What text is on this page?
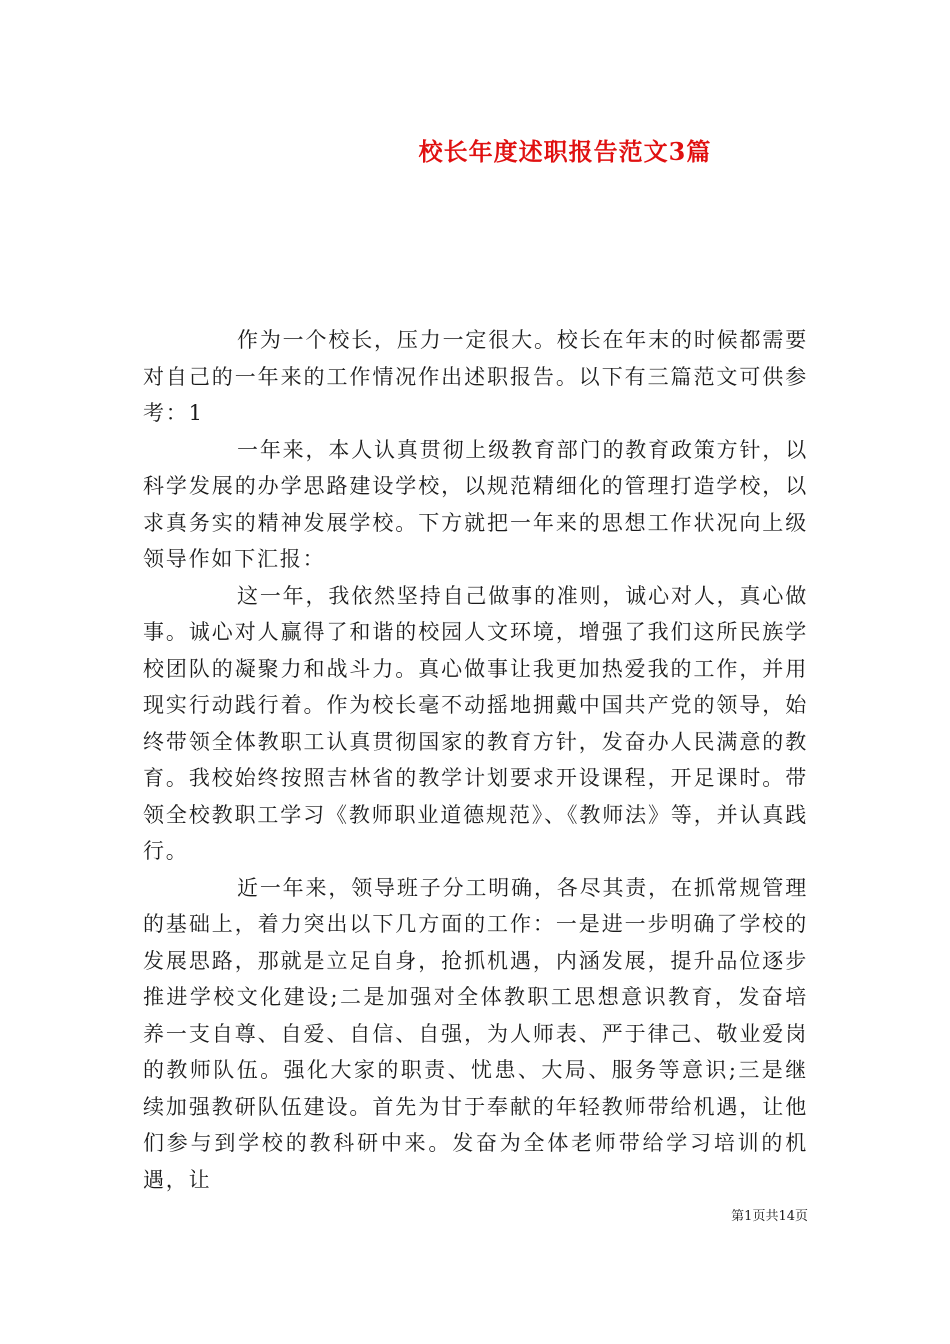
校长年度述职报告范文3篇

作为一个校长，压力一定很大。校长在年末的时候都需要对自己的一年来的工作情况作出述职报告。以下有三篇范文可供参考：1

一年来，本人认真贯彻上级教育部门的教育政策方针，以科学发展的办学思路建设学校，以规范精细化的管理打造学校，以求真务实的精神发展学校。下方就把一年来的思想工作状况向上级领导作如下汇报：

这一年，我依然坚持自己做事的准则，诚心对人，真心做事。诚心对人赢得了和谐的校园人文环境，增强了我们这所民族学校团队的凝聚力和战斗力。真心做事让我更加热爱我的工作，并用现实行动践行着。作为校长毫不动摇地拥戴中国共产党的领导，始终带领全体教职工认真贯彻国家的教育方针，发奋办人民满意的教育。我校始终按照吉林省的教学计划要求开设课程，开足课时。带领全校教职工学习《教师职业道德规范》、《教师法》等，并认真践行。

近一年来，领导班子分工明确，各尽其责，在抓常规管理的基础上，着力突出以下几方面的工作：一是进一步明确了学校的发展思路，那就是立足自身，抢抓机遇，内涵发展，提升品位逐步推进学校文化建设;二是加强对全体教职工思想意识教育，发奋培养一支自尊、自爱、自信、自强，为人师表、严于律己、敬业爱岗的教师队伍。强化大家的职责、忧患、大局、服务等意识;三是继续加强教研队伍建设。首先为甘于奉献的年轻教师带给机遇，让他们参与到学校的教科研中来。发奋为全体老师带给学习培训的机遇，让

第1页共14页
